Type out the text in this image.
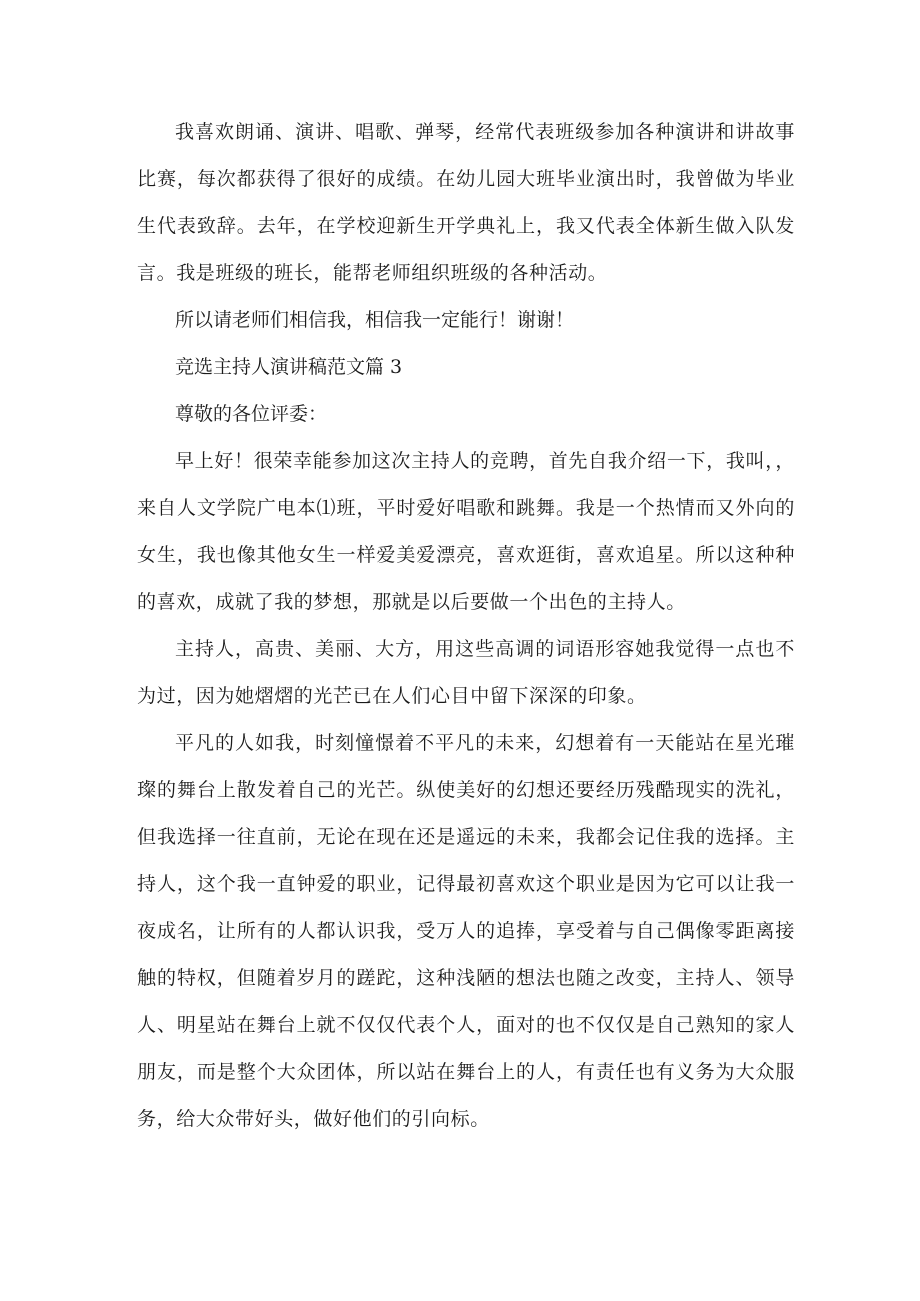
我喜欢朗诵、演讲、唱歌、弹琴，经常代表班级参加各种演讲和讲故事比赛，每次都获得了很好的成绩。在幼儿园大班毕业演出时，我曾做为毕业生代表致辞。去年，在学校迎新生开学典礼上，我又代表全体新生做入队发言。我是班级的班长，能帮老师组织班级的各种活动。

所以请老师们相信我，相信我一定能行！谢谢！

竞选主持人演讲稿范文篇 3

尊敬的各位评委：

早上好！很荣幸能参加这次主持人的竞聘，首先自我介绍一下，我叫，，来自人文学院广电本⑴班，平时爱好唱歌和跳舞。我是一个热情而又外向的女生，我也像其他女生一样爱美爱漂亮，喜欢逛街，喜欢追星。所以这种种的喜欢，成就了我的梦想，那就是以后要做一个出色的主持人。

主持人，高贵、美丽、大方，用这些高调的词语形容她我觉得一点也不为过，因为她熠熠的光芒已在人们心目中留下深深的印象。

平凡的人如我，时刻憧憬着不平凡的未来，幻想着有一天能站在星光璀璨的舞台上散发着自己的光芒。纵使美好的幻想还要经历残酷现实的洗礼，但我选择一往直前，无论在现在还是遥远的未来，我都会记住我的选择。主持人，这个我一直钟爱的职业，记得最初喜欢这个职业是因为它可以让我一夜成名，让所有的人都认识我，受万人的追捧，享受着与自己偶像零距离接触的特权，但随着岁月的蹉跎，这种浅陋的想法也随之改变，主持人、领导人、明星站在舞台上就不仅仅代表个人，面对的也不仅仅是自己熟知的家人朋友，而是整个大众团体，所以站在舞台上的人，有责任也有义务为大众服务，给大众带好头，做好他们的引向标。
